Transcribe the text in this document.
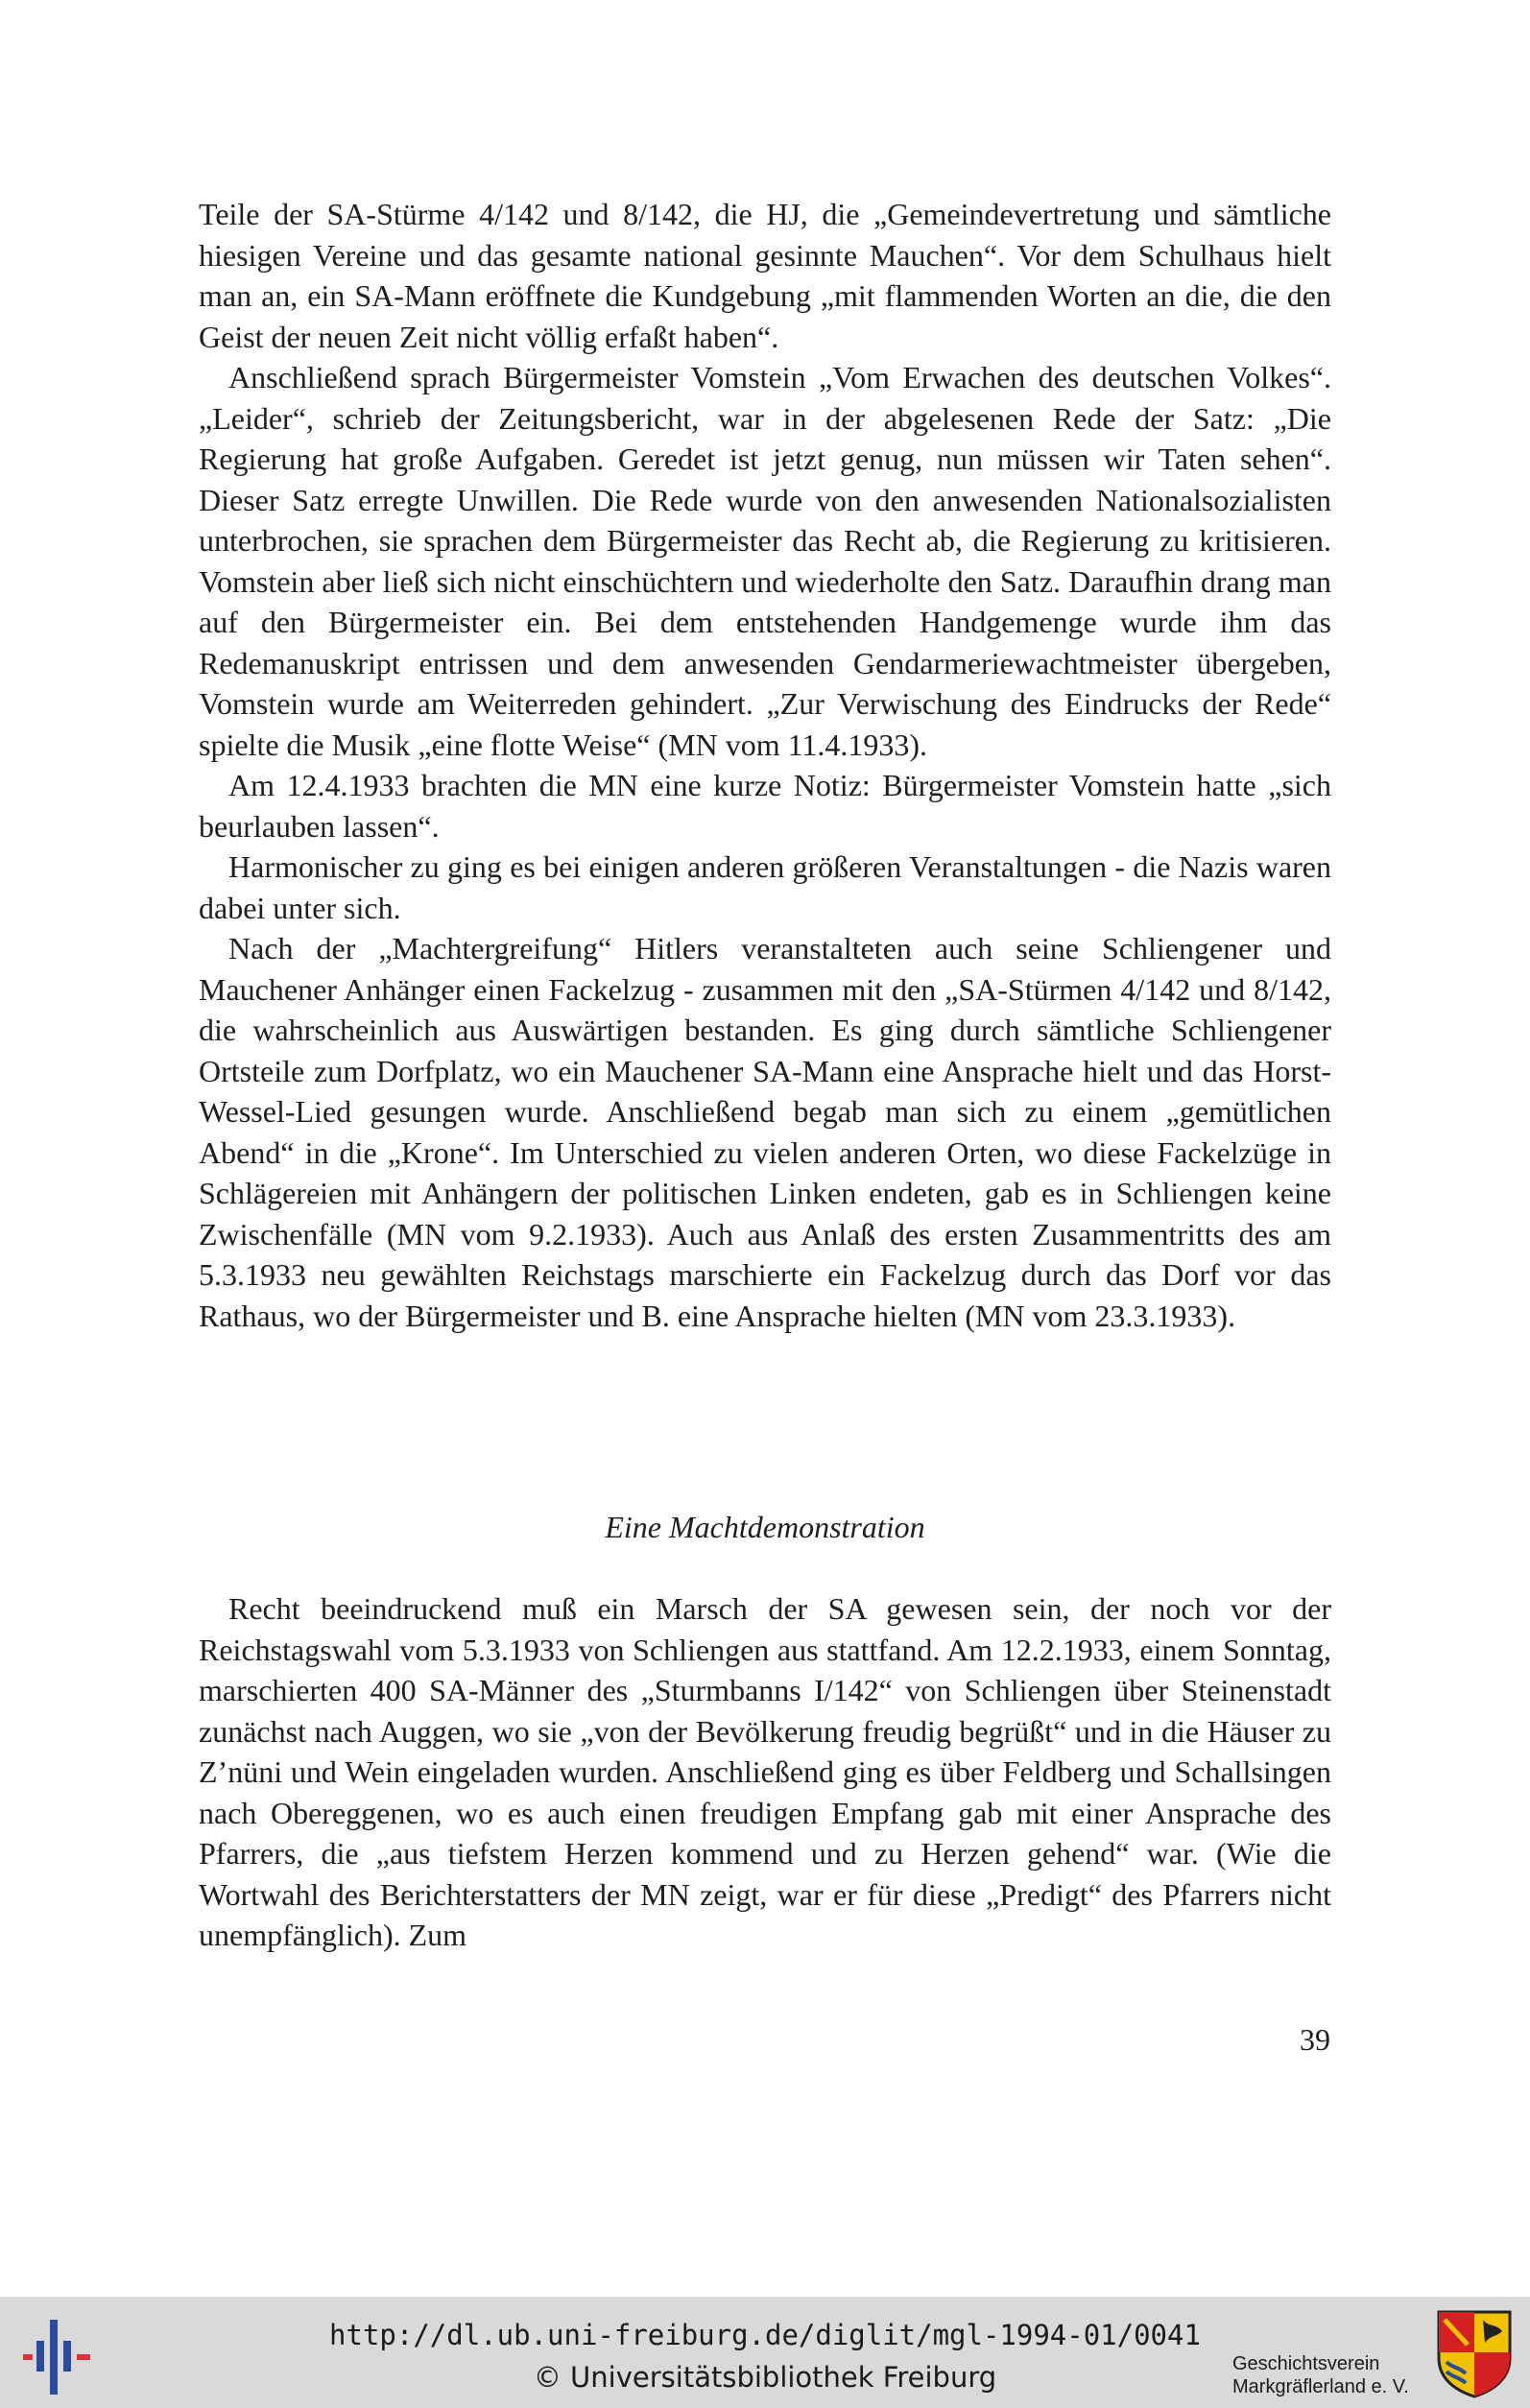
Teile der SA-Stürme 4/142 und 8/142, die HJ, die „Gemeindevertretung und sämtliche hiesigen Vereine und das gesamte national gesinnte Mauchen“. Vor dem Schulhaus hielt man an, ein SA-Mann eröffnete die Kundgebung „mit flammenden Worten an die, die den Geist der neuen Zeit nicht völlig erfaßt haben“.

Anschließend sprach Bürgermeister Vomstein „Vom Erwachen des deutschen Volkes“. „Leider“, schrieb der Zeitungsbericht, war in der abgelesenen Rede der Satz: „Die Regierung hat große Aufgaben. Geredet ist jetzt genug, nun müssen wir Taten sehen“. Dieser Satz erregte Unwillen. Die Rede wurde von den anwesenden Nationalsozialisten unterbrochen, sie sprachen dem Bürgermeister das Recht ab, die Regierung zu kritisieren. Vomstein aber ließ sich nicht einschüchtern und wiederholte den Satz. Daraufhin drang man auf den Bürgermeister ein. Bei dem entstehenden Handgemenge wurde ihm das Redemanuskript entrissen und dem anwesenden Gendarmeriewachtmeister übergeben, Vomstein wurde am Weiterreden gehindert. „Zur Verwischung des Eindrucks der Rede“ spielte die Musik „eine flotte Weise“ (MN vom 11.4.1933).

Am 12.4.1933 brachten die MN eine kurze Notiz: Bürgermeister Vomstein hatte „sich beurlauben lassen“.

Harmonischer zu ging es bei einigen anderen größeren Veranstaltungen - die Nazis waren dabei unter sich.

Nach der „Machtergreifung“ Hitlers veranstalteten auch seine Schliengener und Mauchener Anhänger einen Fackelzug - zusammen mit den „SA-Stürmen 4/142 und 8/142, die wahrscheinlich aus Auswärtigen bestanden. Es ging durch sämtliche Schliengener Ortsteile zum Dorfplatz, wo ein Mauchener SA-Mann eine Ansprache hielt und das Horst-Wessel-Lied gesungen wurde. Anschließend begab man sich zu einem „gemütlichen Abend“ in die „Krone“. Im Unterschied zu vielen anderen Orten, wo diese Fackelzüge in Schlägereien mit Anhängern der politischen Linken endeten, gab es in Schliengen keine Zwischenfälle (MN vom 9.2.1933). Auch aus Anlaß des ersten Zusammentritts des am 5.3.1933 neu gewählten Reichstags marschierte ein Fackelzug durch das Dorf vor das Rathaus, wo der Bürgermeister und B. eine Ansprache hielten (MN vom 23.3.1933).

Eine Machtdemonstration

Recht beeindruckend muß ein Marsch der SA gewesen sein, der noch vor der Reichstagswahl vom 5.3.1933 von Schliengen aus stattfand. Am 12.2.1933, einem Sonntag, marschierten 400 SA-Männer des „Sturmbanns I/142“ von Schliengen über Steinenstadt zunächst nach Auggen, wo sie „von der Bevölkerung freudig begrüßt“ und in die Häuser zu Z’nüni und Wein eingeladen wurden. Anschließend ging es über Feldberg und Schallsingen nach Obereggenen, wo es auch einen freudigen Empfang gab mit einer Ansprache des Pfarrers, die „aus tiefstem Herzen kommend und zu Herzen gehend“ war. (Wie die Wortwahl des Berichterstatters der MN zeigt, war er für diese „Predigt“ des Pfarrers nicht unempfänglich). Zum

39
http://dl.ub.uni-freiburg.de/diglit/mgl-1994-01/0041
© Universitätsbibliothek Freiburg	Geschichtsverein
Markgräflerland e. V.
